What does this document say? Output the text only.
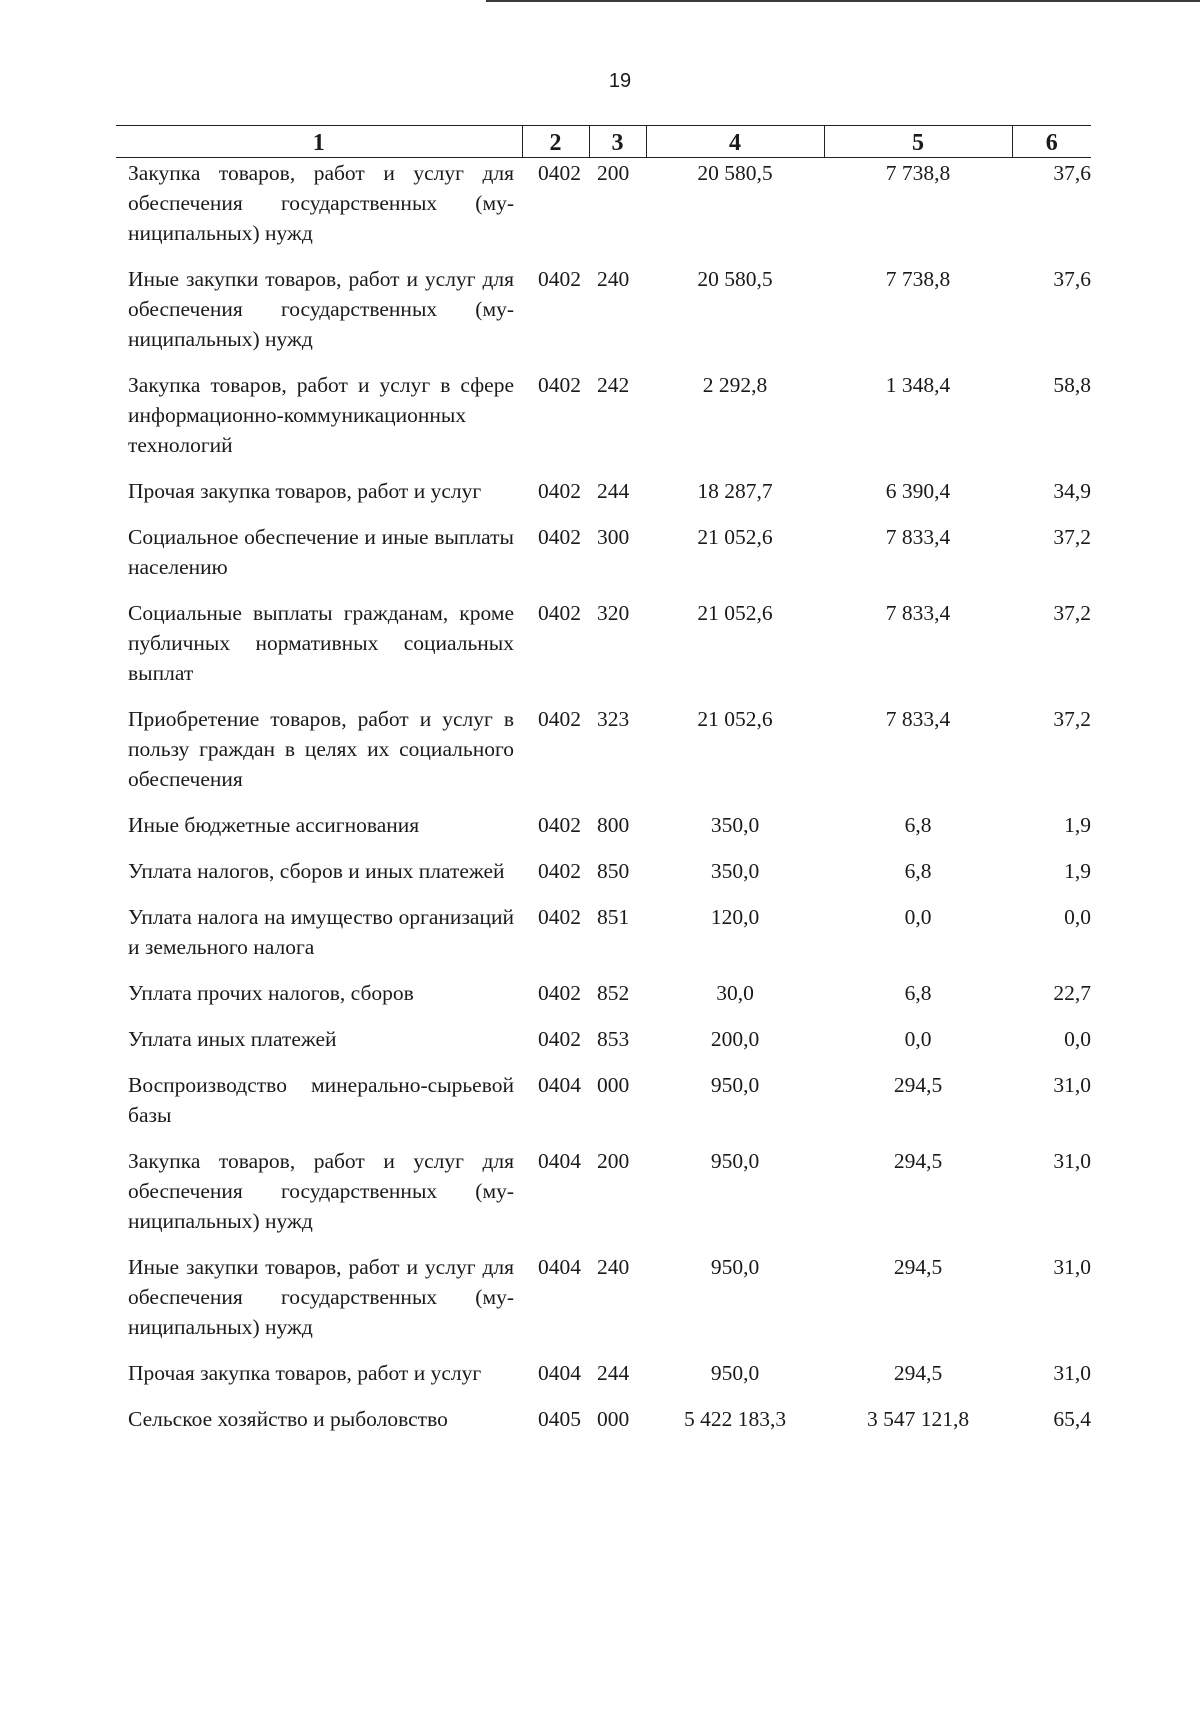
19
1	2	3	4	5	6
Закупка товаров, работ и услуг для обеспечения государственных (муниципальных) нужд	0402	200	20 580,5	7 738,8	37,6
Иные закупки товаров, работ и услуг для обеспечения государственных (муниципальных) нужд	0402	240	20 580,5	7 738,8	37,6
Закупка товаров, работ и услуг в сфере информационно-коммуникационных технологий	0402	242	2 292,8	1 348,4	58,8
Прочая закупка товаров, работ и услуг	0402	244	18 287,7	6 390,4	34,9
Социальное обеспечение и иные выплаты населению	0402	300	21 052,6	7 833,4	37,2
Социальные выплаты гражданам, кроме публичных нормативных социальных выплат	0402	320	21 052,6	7 833,4	37,2
Приобретение товаров, работ и услуг в пользу граждан в целях их социального обеспечения	0402	323	21 052,6	7 833,4	37,2
Иные бюджетные ассигнования	0402	800	350,0	6,8	1,9
Уплата налогов, сборов и иных платежей	0402	850	350,0	6,8	1,9
Уплата налога на имущество организаций и земельного налога	0402	851	120,0	0,0	0,0
Уплата прочих налогов, сборов	0402	852	30,0	6,8	22,7
Уплата иных платежей	0402	853	200,0	0,0	0,0
Воспроизводство минерально-сырьевой базы	0404	000	950,0	294,5	31,0
Закупка товаров, работ и услуг для обеспечения государственных (муниципальных) нужд	0404	200	950,0	294,5	31,0
Иные закупки товаров, работ и услуг для обеспечения государственных (муниципальных) нужд	0404	240	950,0	294,5	31,0
Прочая закупка товаров, работ и услуг	0404	244	950,0	294,5	31,0
Сельское хозяйство и рыболовство	0405	000	5 422 183,3	3 547 121,8	65,4
